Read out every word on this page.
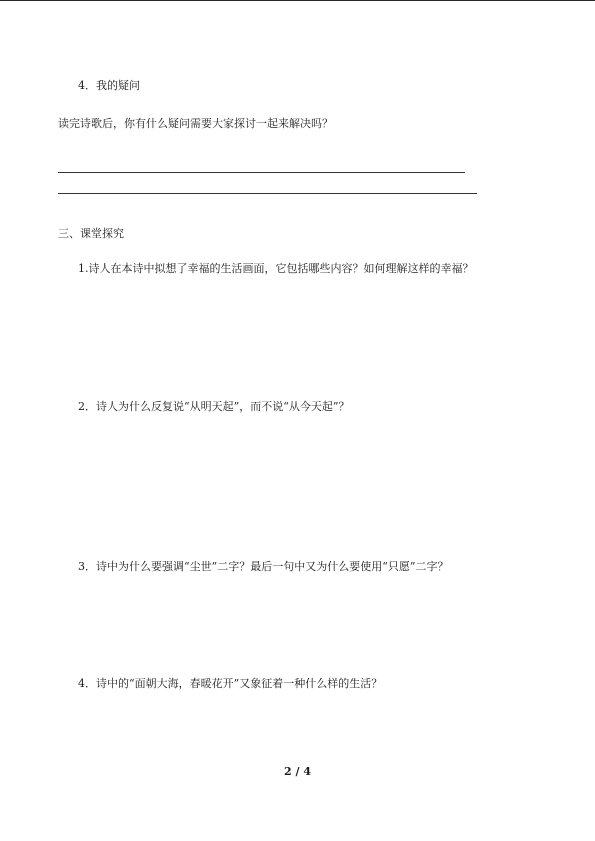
4．我的疑问
读完诗歌后，你有什么疑问需要大家探讨一起来解决吗？
三、课堂探究
1.诗人在本诗中拟想了幸福的生活画面，它包括哪些内容？如何理解这样的幸福？
2．诗人为什么反复说“从明天起”，而不说“从今天起”？
3．诗中为什么要强调“尘世”二字？最后一句中又为什么要使用“只愿”二字？
4．诗中的“面朝大海，春暖花开”又象征着一种什么样的生活？
2 / 4
